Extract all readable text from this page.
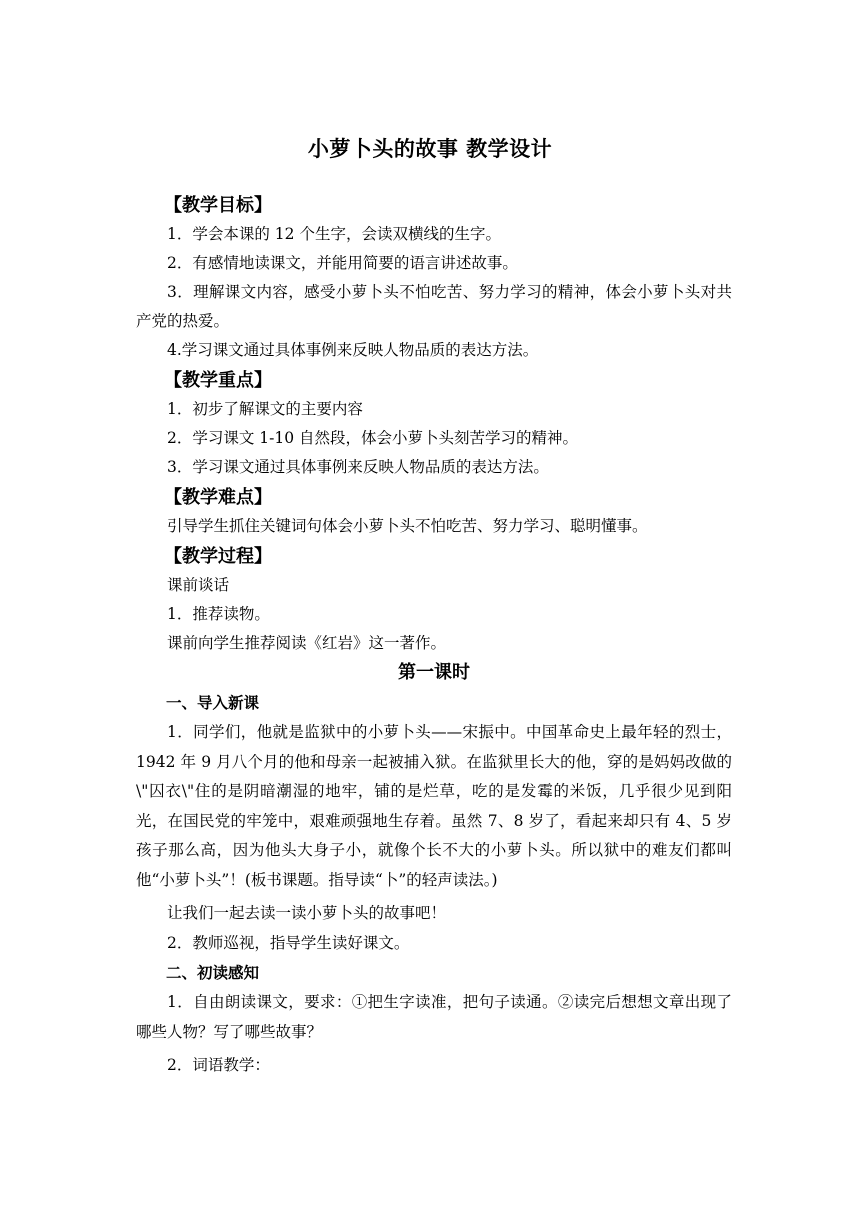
小萝卜头的故事 教学设计
【教学目标】

1．学会本课的 12 个生字，会读双横线的生字。

2．有感情地读课文，并能用简要的语言讲述故事。

3．理解课文内容，感受小萝卜头不怕吃苦、努力学习的精神，体会小萝卜头对共产党的热爱。

4.学习课文通过具体事例来反映人物品质的表达方法。

【教学重点】

1．初步了解课文的主要内容

2．学习课文 1-10 自然段，体会小萝卜头刻苦学习的精神。

3．学习课文通过具体事例来反映人物品质的表达方法。

【教学难点】

引导学生抓住关键词句体会小萝卜头不怕吃苦、努力学习、聪明懂事。

【教学过程】

课前谈话

1．推荐读物。

课前向学生推荐阅读《红岩》这一著作。

第一课时
一、导入新课

1．同学们，他就是监狱中的小萝卜头——宋振中。中国革命史上最年轻的烈士，1942 年 9 月八个月的他和母亲一起被捕入狱。在监狱里长大的他，穿的是妈妈改做的\"囚衣\"住的是阴暗潮湿的地牢，铺的是烂草，吃的是发霉的米饭，几乎很少见到阳光，在国民党的牢笼中，艰难顽强地生存着。虽然 7、8 岁了，看起来却只有 4、5 岁孩子那么高，因为他头大身子小，就像个长不大的小萝卜头。所以狱中的难友们都叫他“小萝卜头”！(板书课题。指导读“卜”的轻声读法。)

让我们一起去读一读小萝卜头的故事吧！

2．教师巡视，指导学生读好课文。

二、初读感知

1．自由朗读课文，要求：①把生字读准，把句子读通。②读完后想想文章出现了哪些人物？写了哪些故事？

2．词语教学：
